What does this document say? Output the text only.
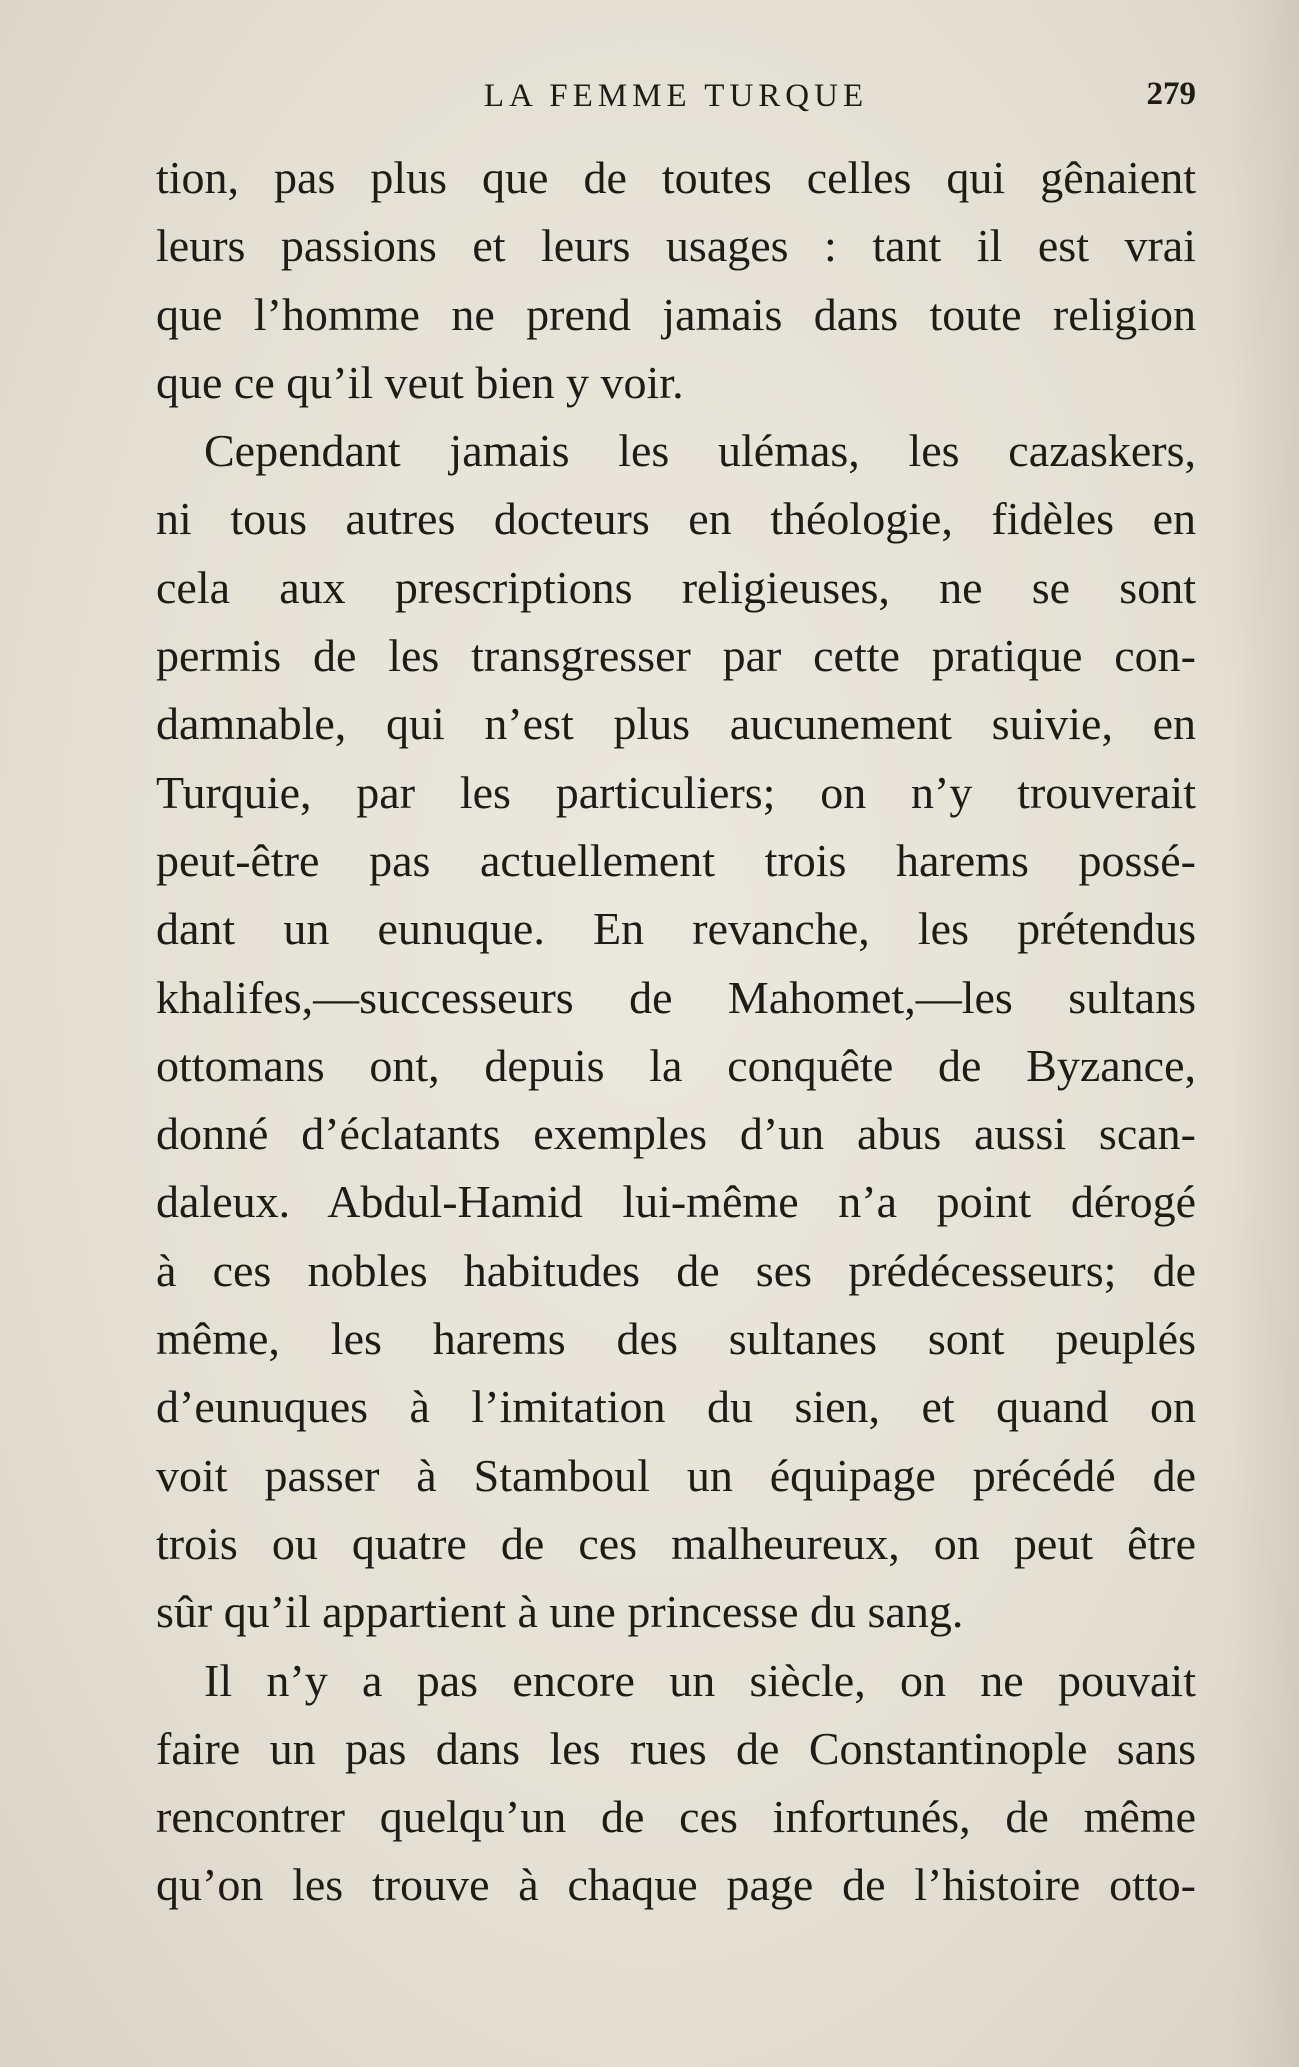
LA FEMME TURQUE	279
tion, pas plus que de toutes celles qui gênaient
leurs passions et leurs usages : tant il est vrai
que l’homme ne prend jamais dans toute religion
que ce qu’il veut bien y voir.
Cependant jamais les ulémas, les cazaskers,
ni tous autres docteurs en théologie, fidèles en
cela aux prescriptions religieuses, ne se sont
permis de les transgresser par cette pratique con-
damnable, qui n’est plus aucunement suivie, en
Turquie, par les particuliers; on n’y trouverait
peut-être pas actuellement trois harems possé-
dant un eunuque. En revanche, les prétendus
khalifes,—successeurs de Mahomet,—les sultans
ottomans ont, depuis la conquête de Byzance,
donné d’éclatants exemples d’un abus aussi scan-
daleux. Abdul-Hamid lui-même n’a point dérogé
à ces nobles habitudes de ses prédécesseurs; de
même, les harems des sultanes sont peuplés
d’eunuques à l’imitation du sien, et quand on
voit passer à Stamboul un équipage précédé de
trois ou quatre de ces malheureux, on peut être
sûr qu’il appartient à une princesse du sang.
Il n’y a pas encore un siècle, on ne pouvait
faire un pas dans les rues de Constantinople sans
rencontrer quelqu’un de ces infortunés, de même
qu’on les trouve à chaque page de l’histoire otto-
